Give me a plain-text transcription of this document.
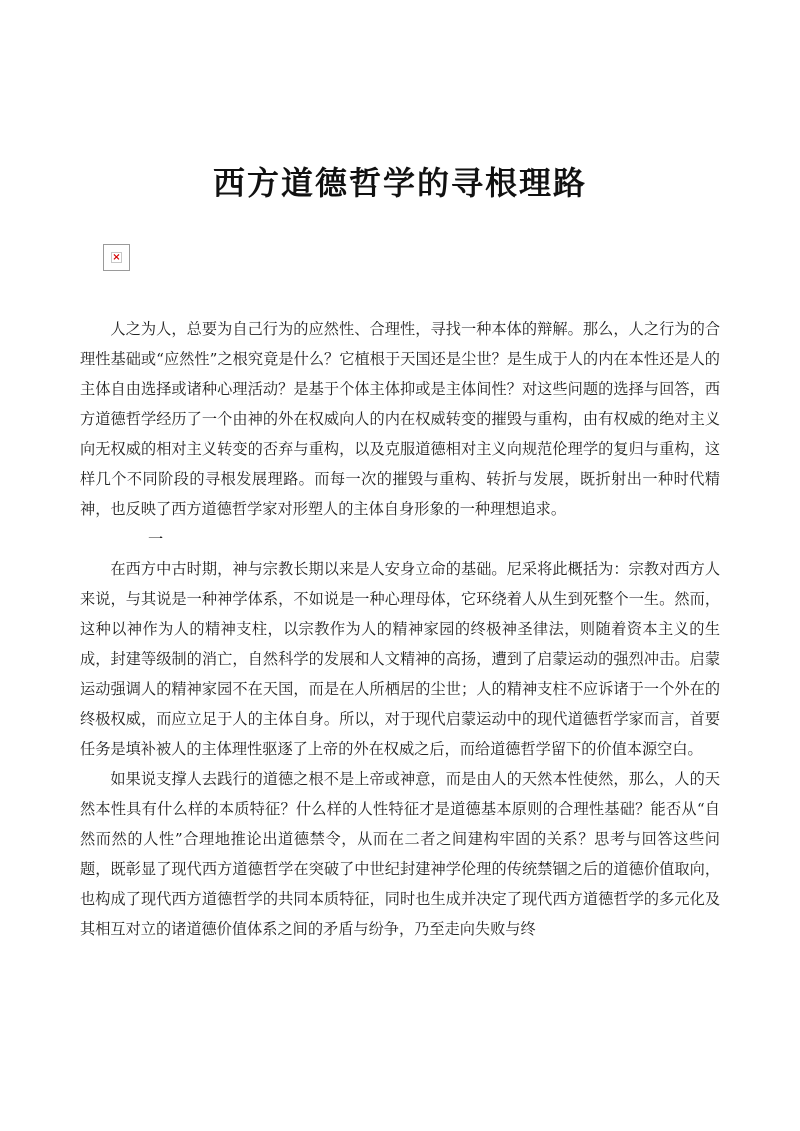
西方道德哲学的寻根理路
×

人之为人，总要为自己行为的应然性、合理性，寻找一种本体的辩解。那么，人之行为的合理性基础或“应然性”之根究竟是什么？它植根于天国还是尘世？是生成于人的内在本性还是人的主体自由选择或诸种心理活动？是基于个体主体抑或是主体间性？对这些问题的选择与回答，西方道德哲学经历了一个由神的外在权威向人的内在权威转变的摧毁与重构，由有权威的绝对主义向无权威的相对主义转变的否弃与重构，以及克服道德相对主义向规范伦理学的复归与重构，这样几个不同阶段的寻根发展理路。而每一次的摧毁与重构、转折与发展，既折射出一种时代精神，也反映了西方道德哲学家对形塑人的主体自身形象的一种理想追求。

一

在西方中古时期，神与宗教长期以来是人安身立命的基础。尼采将此概括为：宗教对西方人来说，与其说是一种神学体系，不如说是一种心理母体，它环绕着人从生到死整个一生。然而，这种以神作为人的精神支柱，以宗教作为人的精神家园的终极神圣律法，则随着资本主义的生成，封建等级制的消亡，自然科学的发展和人文精神的高扬，遭到了启蒙运动的强烈冲击。启蒙运动强调人的精神家园不在天国，而是在人所栖居的尘世；人的精神支柱不应诉诸于一个外在的终极权威，而应立足于人的主体自身。所以，对于现代启蒙运动中的现代道德哲学家而言，首要任务是填补被人的主体理性驱逐了上帝的外在权威之后，而给道德哲学留下的价值本源空白。

如果说支撑人去践行的道德之根不是上帝或神意，而是由人的天然本性使然，那么，人的天然本性具有什么样的本质特征？什么样的人性特征才是道德基本原则的合理性基础？能否从“自然而然的人性”合理地推论出道德禁令，从而在二者之间建构牢固的关系？思考与回答这些问题，既彰显了现代西方道德哲学在突破了中世纪封建神学伦理的传统禁锢之后的道德价值取向，也构成了现代西方道德哲学的共同本质特征，同时也生成并决定了现代西方道德哲学的多元化及其相互对立的诸道德价值体系之间的矛盾与纷争，乃至走向失败与终
